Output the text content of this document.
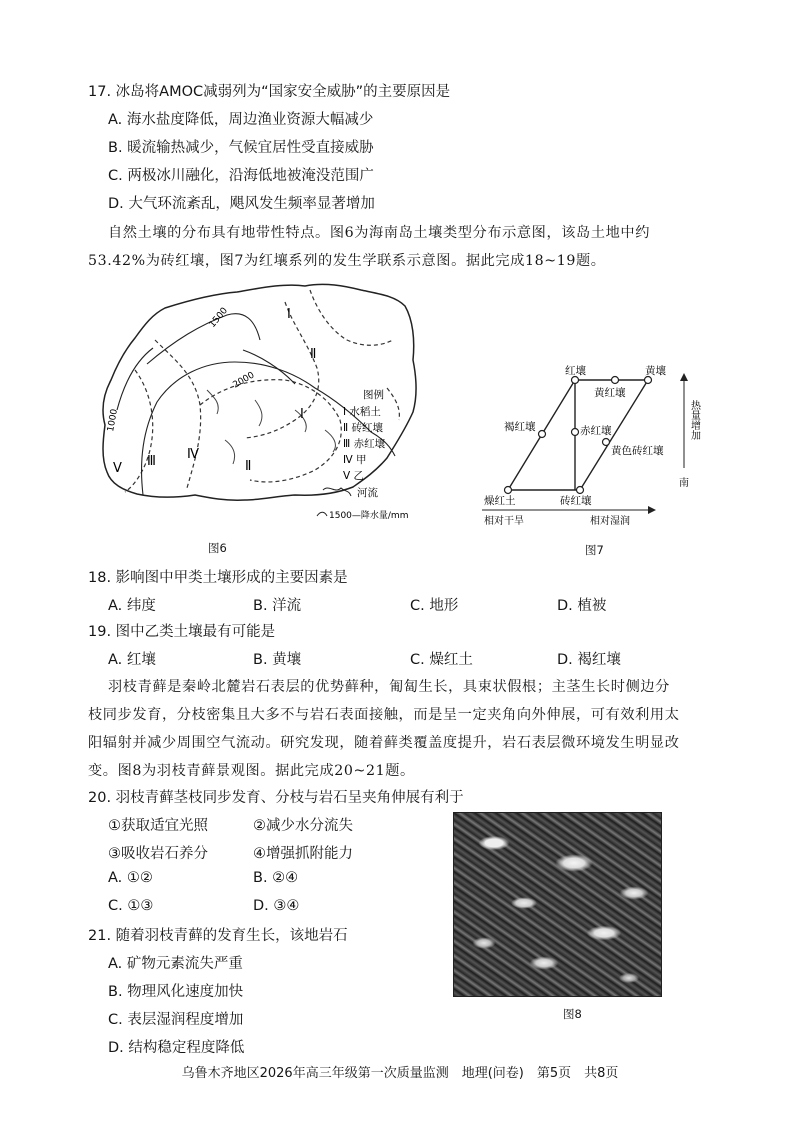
17. 冰岛将AMOC减弱列为“国家安全威胁”的主要原因是
A. 海水盐度降低，周边渔业资源大幅减少
B. 暖流输热减少，气候宜居性受直接威胁
C. 两极冰川融化，沿海低地被淹没范围广
D. 大气环流紊乱，飓风发生频率显著增加
自然土壤的分布具有地带性特点。图6为海南岛土壤类型分布示意图，该岛土地中约
53.42%为砖红壤，图7为红壤系列的发生学联系示意图。据此完成18~19题。
1500
1000
2000
Ⅰ
Ⅱ
Ⅴ Ⅲ Ⅳ
Ⅱ
Ⅰ
图例
Ⅰ 水稻土
Ⅱ 砖红壤
Ⅲ 赤红壤
Ⅳ 甲
Ⅴ 乙
河流
1500—降水量/mm
图6
红壤	黄壤
黄红壤
褐红壤	赤红壤
黄色砖红壤
燥红土	砖红壤
相对干旱	相对湿润
热量增加
南
图7
18. 影响图中甲类土壤形成的主要因素是
A. 纬度	B. 洋流	C. 地形	D. 植被
19. 图中乙类土壤最有可能是
A. 红壤	B. 黄壤	C. 燥红土	D. 褐红壤
羽枝青藓是秦岭北麓岩石表层的优势藓种，匍匐生长，具束状假根；主茎生长时侧边分
枝同步发育，分枝密集且大多不与岩石表面接触，而是呈一定夹角向外伸展，可有效利用太
阳辐射并减少周围空气流动。研究发现，随着藓类覆盖度提升，岩石表层微环境发生明显改
变。图8为羽枝青藓景观图。据此完成20~21题。
20. 羽枝青藓茎枝同步发育、分枝与岩石呈夹角伸展有利于
①获取适宜光照	②减少水分流失
③吸收岩石养分	④增强抓附能力
A. ①②	B. ②④
C. ①③	D. ③④
21. 随着羽枝青藓的发育生长，该地岩石
A. 矿物元素流失严重
B. 物理风化速度加快
C. 表层湿润程度增加
D. 结构稳定程度降低
图8
乌鲁木齐地区2026年高三年级第一次质量监测　地理(问卷)　第5页　共8页
